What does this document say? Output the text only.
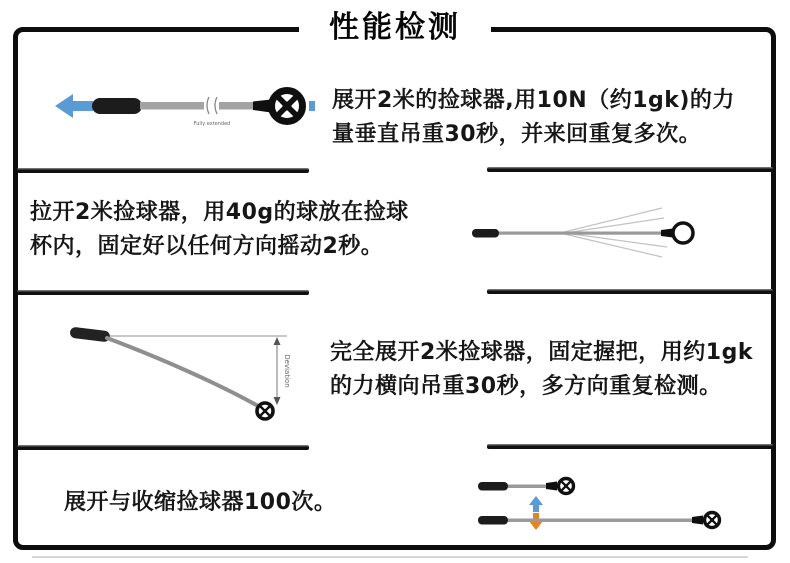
性能检测
Fully extended
展开2米的捡球器,用10N（约1gk)的力
量垂直吊重30秒，并来回重复多次。
拉开2米捡球器，用40g的球放在捡球
杯内，固定好以任何方向摇动2秒。
Deviation
完全展开2米捡球器，固定握把，用约1gk
的力横向吊重30秒，多方向重复检测。
展开与收缩捡球器100次。
